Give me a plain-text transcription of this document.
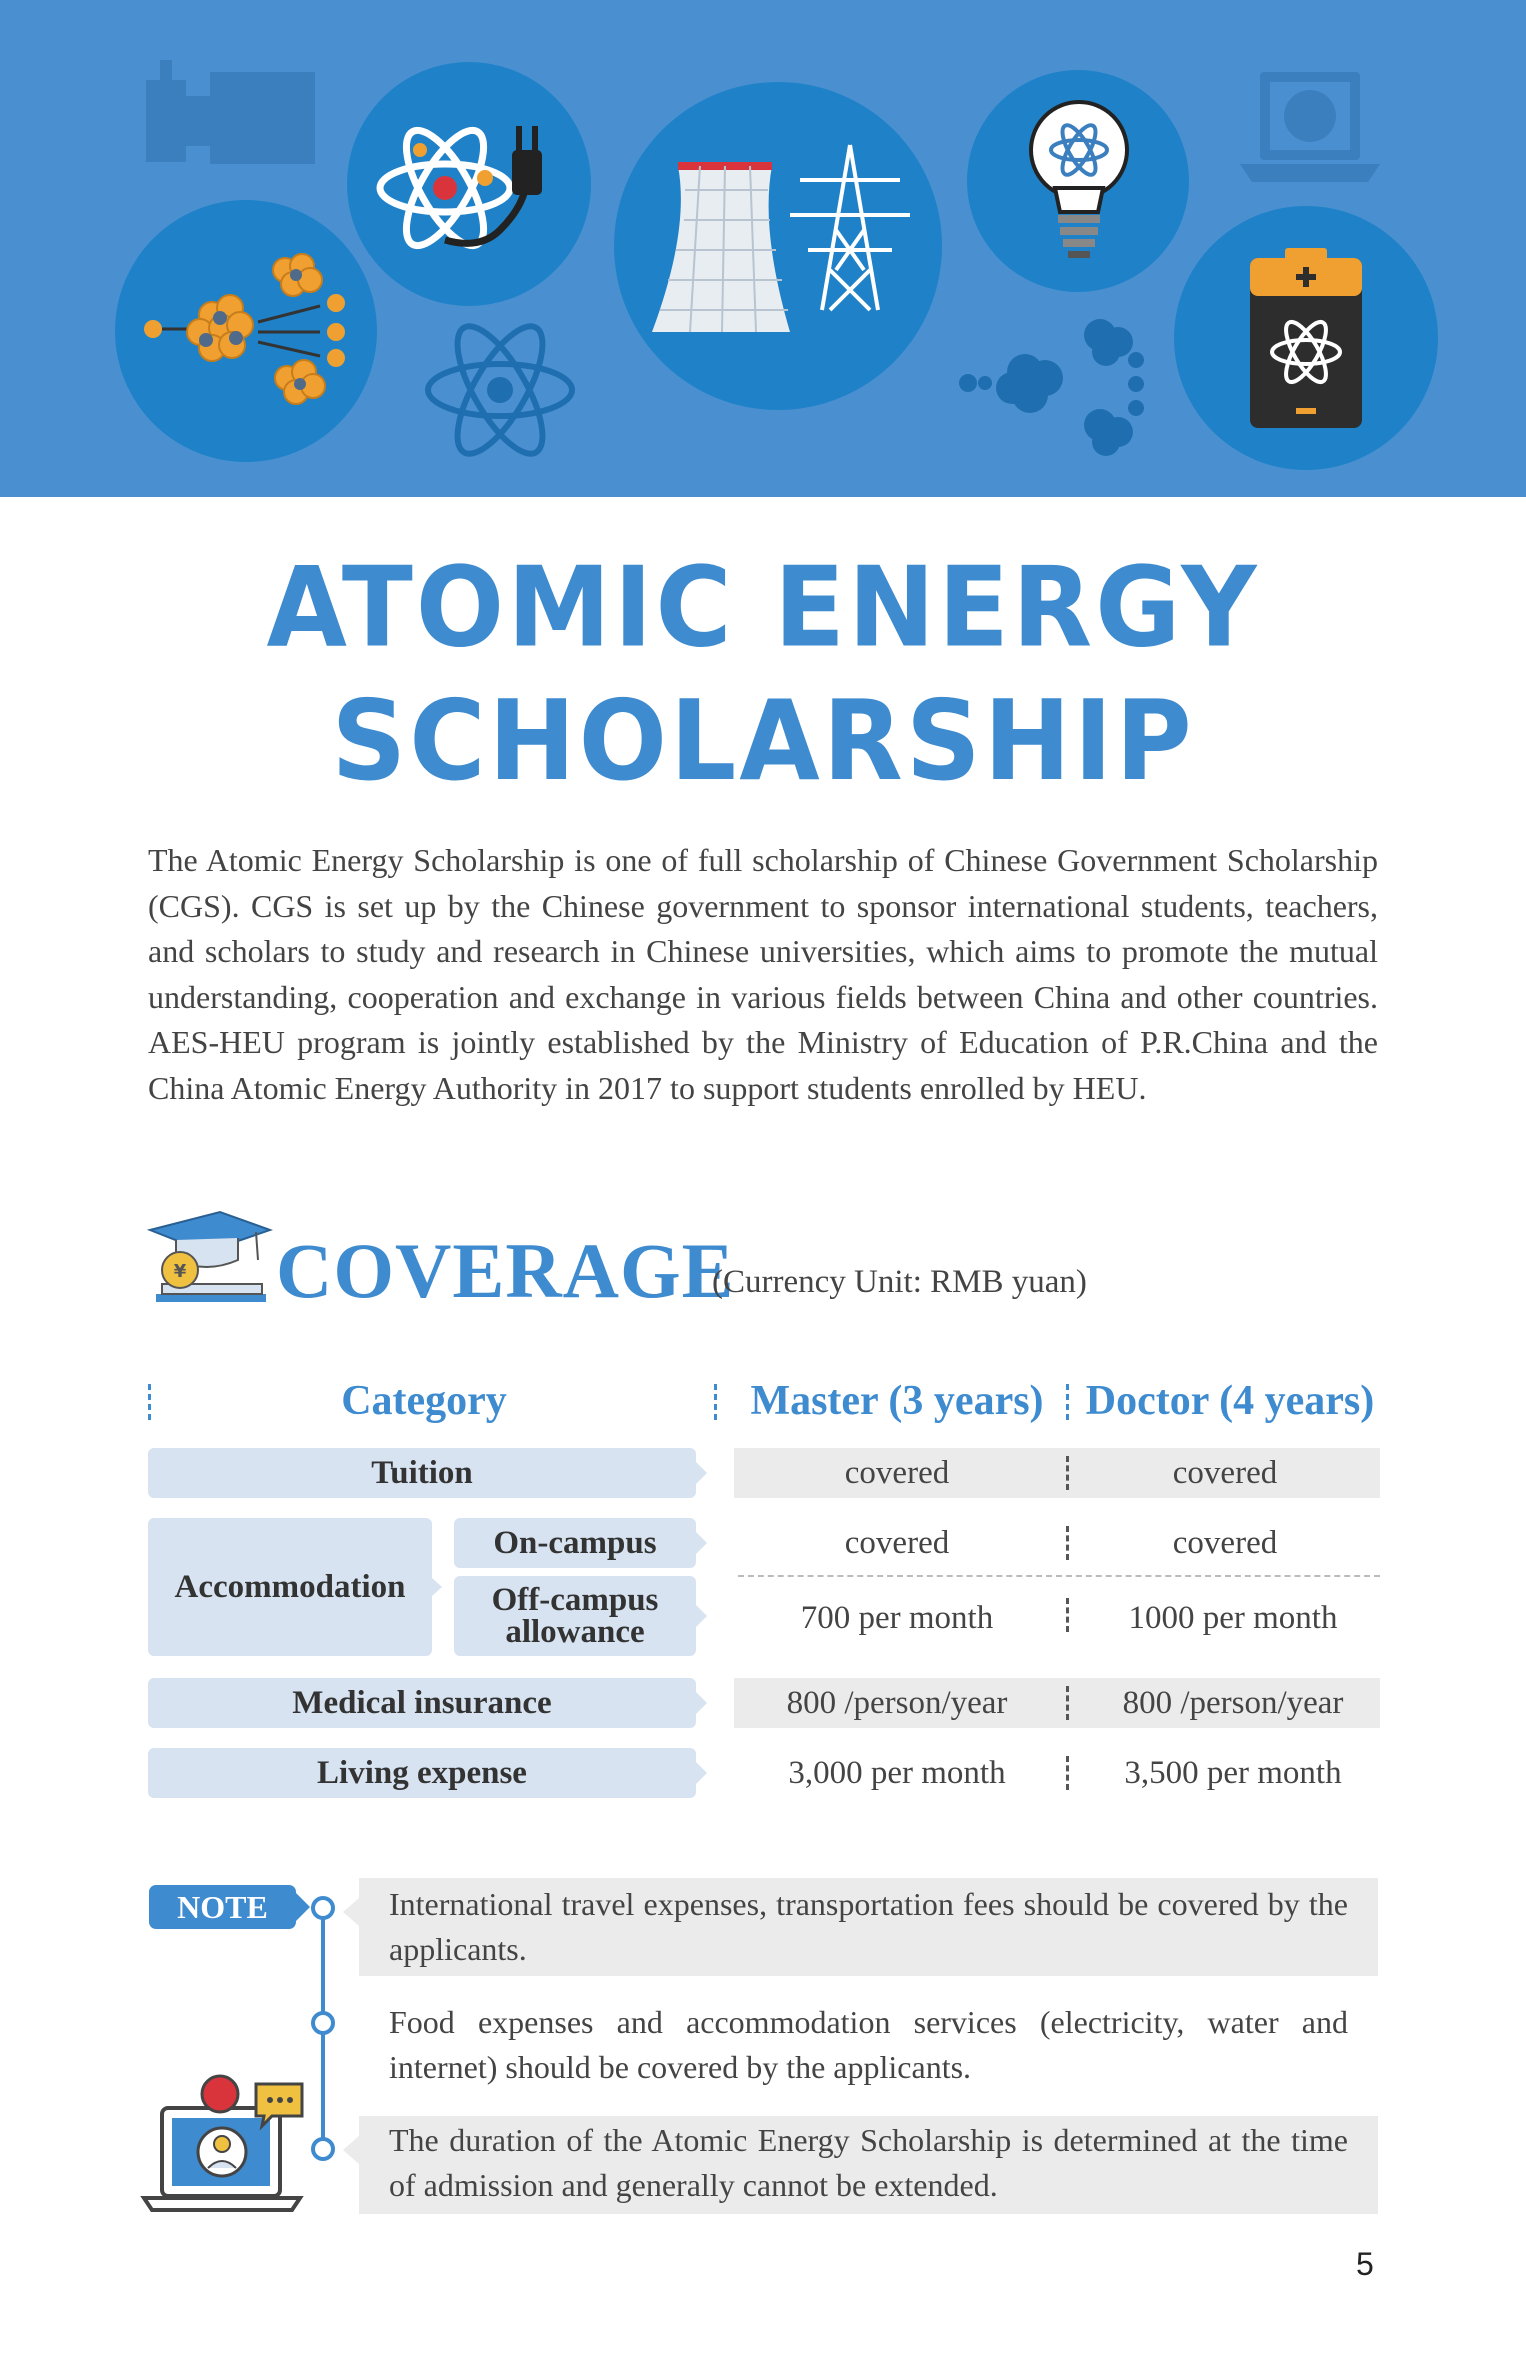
ATOMIC ENERGY
SCHOLARSHIP

The Atomic Energy Scholarship is one of full scholarship of Chinese Government Scholarship (CGS). CGS is set up by the Chinese government to sponsor international students, teachers, and scholars to study and research in Chinese universities, which aims to promote the mutual understanding, cooperation and exchange in various fields between China and other countries. AES-HEU program is jointly established by the Ministry of Education of P.R.China and the China Atomic Energy Authority in 2017 to support students enrolled by HEU.

¥ COVERAGE
(Currency Unit: RMB yuan)
Category	Master (3 years)	Doctor (4 years)
Tuition	covered	covered
Accommodation
On-campus	covered	covered
Off-campus
allowance	700 per month	1000 per month
Medical insurance	800 /person/year	800 /person/year
Living expense	3,000 per month	3,500 per month
NOTE	International travel expenses, transportation fees should be covered by the applicants.
Food expenses and accommodation services (electricity, water and internet) should be covered by the applicants.
The duration of the Atomic Energy Scholarship is determined at the time of admission and generally cannot be extended.
5
